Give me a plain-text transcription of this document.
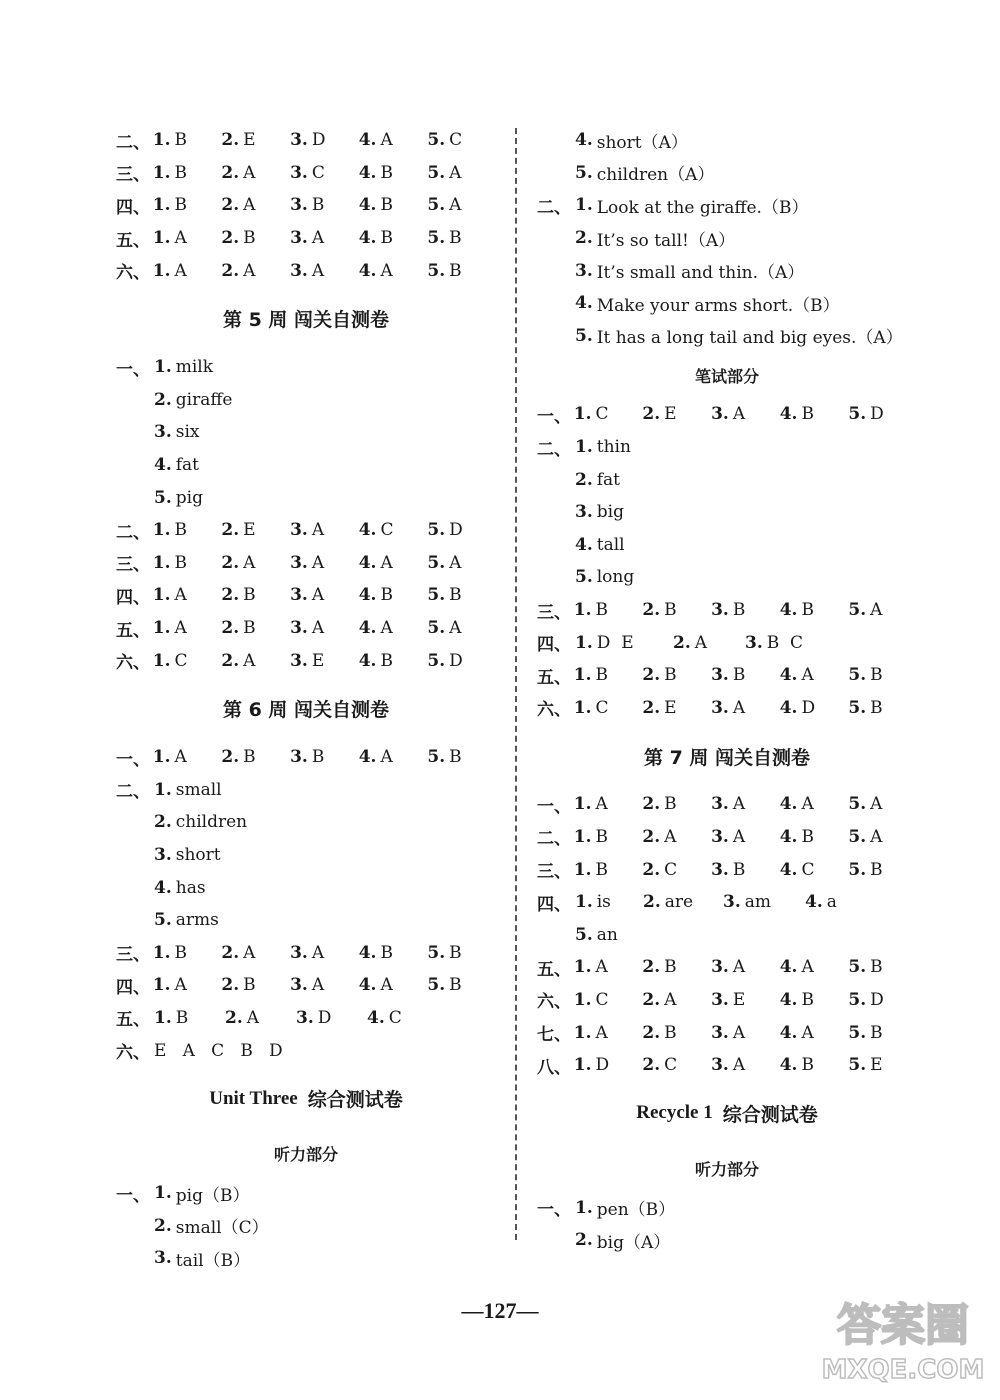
二、 1. B	2. E	3. D	4. A	5. C
三、 1. B	2. A	3. C	4. B	5. A
四、 1. B	2. A	3. B	4. B	5. A
五、 1. A	2. B	3. A	4. B	5. B
六、 1. A	2. A	3. A	4. A	5. B
第 5 周 闯关自测卷
一、 1. milk
2. giraffe
3. six
4. fat
5. pig
二、 1. B	2. E	3. A	4. C	5. D
三、 1. B	2. A	3. A	4. A	5. A
四、 1. A	2. B	3. A	4. B	5. B
五、 1. A	2. B	3. A	4. A	5. A
六、 1. C	2. A	3. E	4. B	5. D
第 6 周 闯关自测卷
一、 1. A	2. B	3. B	4. A	5. B
二、 1. small
2. children
3. short
4. has
5. arms
三、 1. B	2. A	3. A	4. B	5. B
四、 1. A	2. B	3. A	4. A	5. B
五、 1. B	2. A	3. D	4. C
六、 E   A   C   B   D
Unit Three 综合测试卷
听力部分
一、 1. pig（B）
2. small（C）
3. tail（B）
4. short（A）
5. children（A）
二、 1. Look at the giraffe.（B）
2. It’s so tall!（A）
3. It’s small and thin.（A）
4. Make your arms short.（B）
5. It has a long tail and big eyes.（A）
笔试部分
一、 1. C	2. E	3. A	4. B	5. D
二、 1. thin
2. fat
3. big
4. tall
5. long
三、 1. B	2. B	3. B	4. B	5. A
四、 1. D  E	2. A	3. B  C
五、 1. B	2. B	3. B	4. A	5. B
六、 1. C	2. E	3. A	4. D	5. B
第 7 周 闯关自测卷
一、 1. A	2. B	3. A	4. A	5. A
二、 1. B	2. A	3. A	4. B	5. A
三、 1. B	2. C	3. B	4. C	5. B
四、 1. is	2. are	3. am	4. a
5. an
五、 1. A	2. B	3. A	4. A	5. B
六、 1. C	2. A	3. E	4. B	5. D
七、 1. A	2. B	3. A	4. A	5. B
八、 1. D	2. C	3. A	4. B	5. E
Recycle 1 综合测试卷
听力部分
一、 1. pen（B）
2. big（A）
—127—	答案圈
MXQE.COM
